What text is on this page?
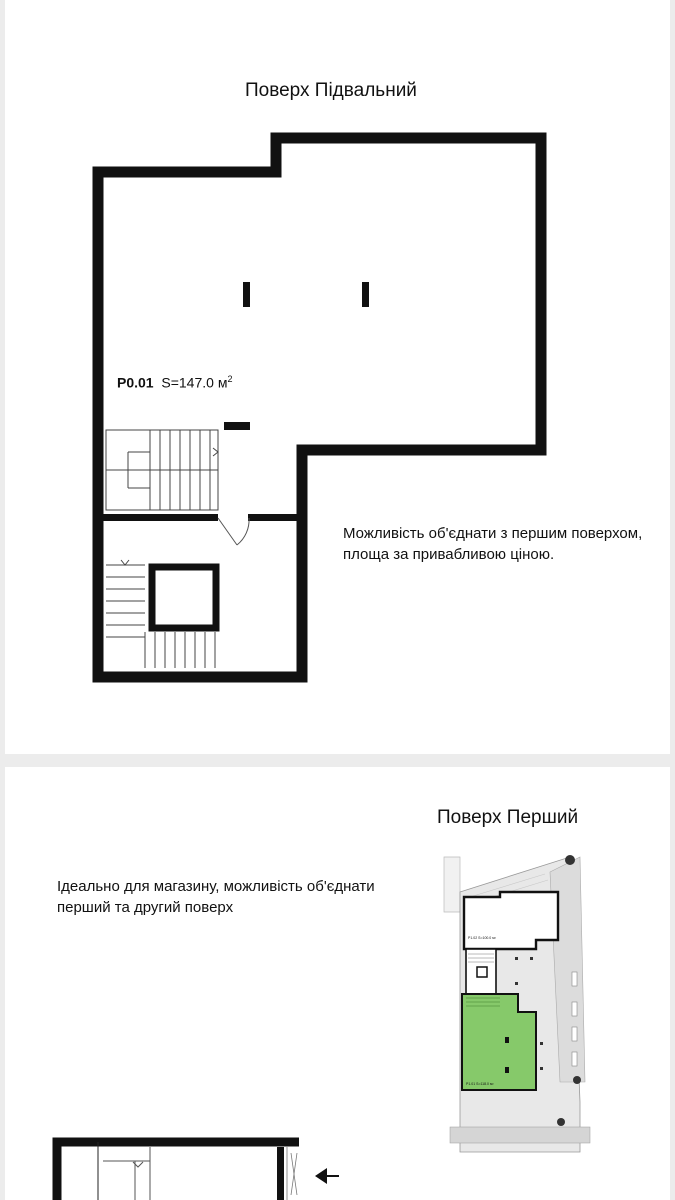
Поверх Підвальний

P0.01 S=147.0 $м^2$

Можливість об'єднати з першим поверхом, площа за привабливою ціною.

Поверх Перший

Ідеально для магазину, можливість об'єднати перший та другий поверх

P1.02 S=100.0 м²
P1.01 S=118.0 м²
